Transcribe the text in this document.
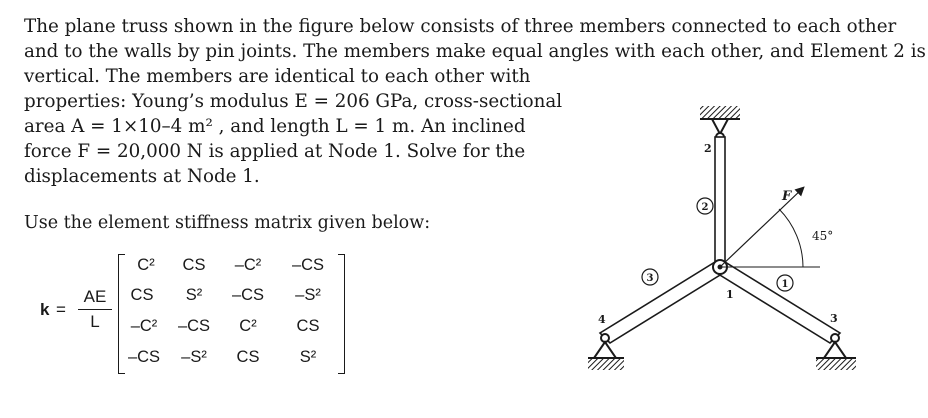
The plane truss shown in the figure below consists of three members connected to each other
and to the walls by pin joints. The members make equal angles with each other, and Element 2 is
vertical. The members are identical to each other with
properties: Young’s modulus E = 206 GPa, cross-sectional
area A = 1×10–4 m² , and length L = 1 m. An inclined
force F = 20,000 N is applied at Node 1. Solve for the
displacements at Node 1.
Use the element stiffness matrix given below:
k =
AE
L
C²	CS	–C²	–CS
CS	S²	–CS	–S²
–C²	–CS	C²	CS
–CS	–S²	CS	S²
F
45°
1
2
3
4
1
2
3
